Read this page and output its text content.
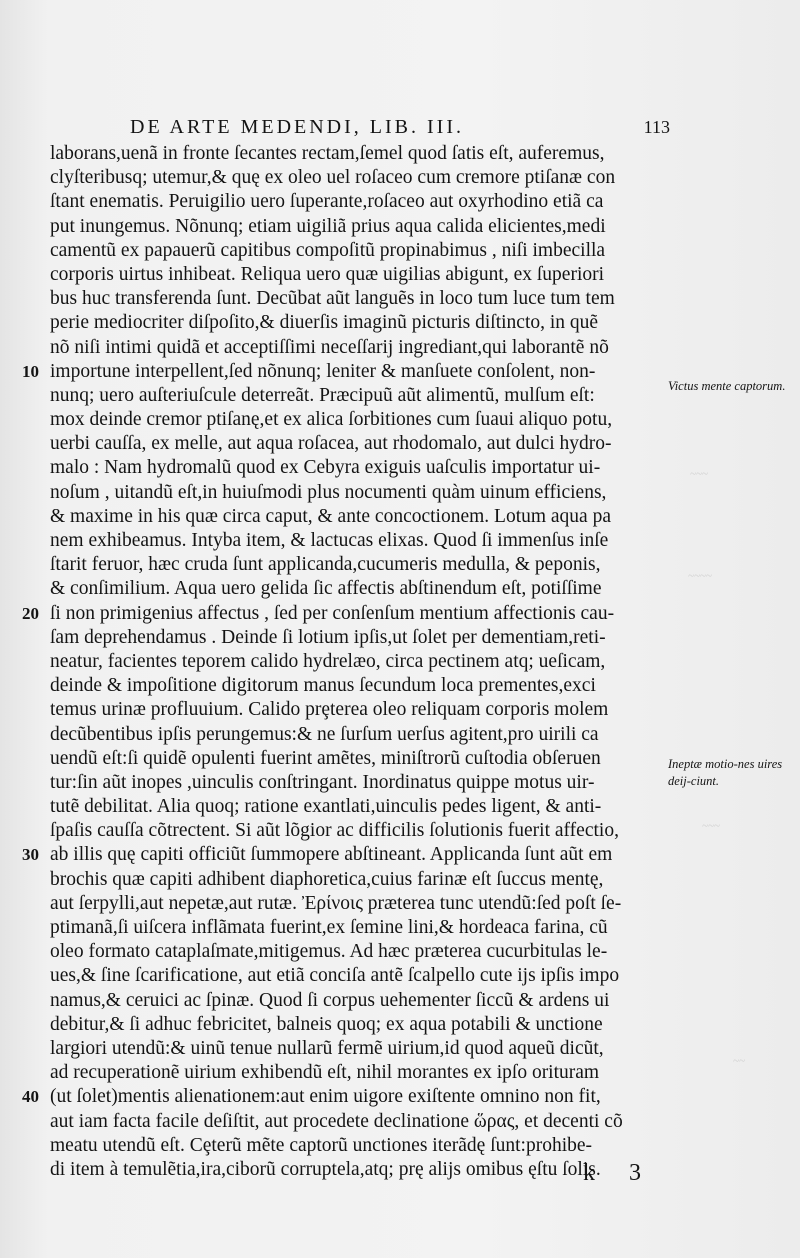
DE ARTE MEDENDI, LIB. III.	113
laborans,uenã in fronte ſecantes rectam,ſemel quod ſatis eſt, auferemus,
clyſteribusq; utemur,& quę ex oleo uel roſaceo cum cremore ptiſanæ con
ſtant enematis. Peruigilio uero ſuperante,roſaceo aut oxyrhodino etiã ca
put inungemus. Nõnunq; etiam uigiliã prius aqua calida elicientes,medi
camentũ ex papauerũ capitibus compoſitũ propinabimus , niſi imbecilla
corporis uirtus inhibeat. Reliqua uero quæ uigilias abigunt, ex ſuperiori
bus huc transferenda ſunt. Decũbat aũt languẽs in loco tum luce tum tem
perie mediocriter diſpoſito,& diuerſis imaginũ picturis diſtincto, in quẽ
nõ niſi intimi quidã et acceptiſſimi neceſſarij ingrediant,qui laborantẽ nõ
10 importune interpellent,ſed nõnunq; leniter & manſuete conſolent, non-
nunq; uero auſteriuſcule deterreãt. Præcipuũ aũt alimentũ, mulſum eſt:
mox deinde cremor ptiſanę,et ex alica ſorbitiones cum ſuaui aliquo potu,
uerbi cauſſa, ex melle, aut aqua roſacea, aut rhodomalo, aut dulci hydro-
malo : Nam hydromalũ quod ex Cebyra exiguis uaſculis importatur ui-
noſum , uitandũ eſt,in huiuſmodi plus nocumenti quàm uinum efficiens,
& maxime in his quæ circa caput, & ante concoctionem. Lotum aqua pa
nem exhibeamus. Intyba item, & lactucas elixas. Quod ſi immenſus inſe
ſtarit feruor, hæc cruda ſunt applicanda,cucumeris medulla, & peponis,
& conſimilium. Aqua uero gelida ſic affectis abſtinendum eſt, potiſſime
20 ſi non primigenius affectus , ſed per conſenſum mentium affectionis cau-
ſam deprehendamus . Deinde ſi lotium ipſis,ut ſolet per dementiam,reti-
neatur, facientes teporem calido hydrelæo, circa pectinem atq; ueſicam,
deinde & impoſitione digitorum manus ſecundum loca prementes,exci
temus urinæ profluuium. Calido prȩterea oleo reliquam corporis molem
decũbentibus ipſis perungemus:& ne ſurſum uerſus agitent,pro uirili ca
uendũ eſt:ſi quidẽ opulenti fuerint amẽtes, miniſtrorũ cuſtodia obſeruen
tur:ſin aũt inopes ,uinculis conſtringant. Inordinatus quippe motus uir-
tutẽ debilitat. Alia quoq; ratione exantlati,uinculis pedes ligent, & anti-
ſpaſis cauſſa cõtrectent. Si aũt lõgior ac difficilis ſolutionis fuerit affectio,
30 ab illis quę capiti officiũt ſummopere abſtineant. Applicanda ſunt aũt em
brochis quæ capiti adhibent diaphoretica,cuius farinæ eſt ſuccus mentę,
aut ſerpylli,aut nepetæ,aut rutæ. Ἐρίνοις præterea tunc utendũ:ſed poſt ſe-
ptimanã,ſi uiſcera inflãmata fuerint,ex ſemine lini,& hordeaca farina, cũ
oleo formato cataplaſmate,mitigemus. Ad hæc præterea cucurbitulas le-
ues,& ſine ſcarificatione, aut etiã conciſa antẽ ſcalpello cute ijs ipſis impo
namus,& ceruici ac ſpinæ. Quod ſi corpus uehementer ſiccũ & ardens ui
debitur,& ſi adhuc febricitet, balneis quoq; ex aqua potabili & unctione
largiori utendũ:& uinũ tenue nullarũ fermẽ uirium,id quod aqueũ dicũt,
ad recuperationẽ uirium exhibendũ eſt, nihil morantes ex ipſo orituram
40 (ut ſolet)mentis alienationem:aut enim uigore exiſtente omnino non fit,
aut iam facta facile deſiſtit, aut procedete declinatione ὥρας, et decenti cõ
meatu utendũ eſt. Cȩterũ mẽte captorũ unctiones iterãdę ſunt:prohibe-
di item à temulẽtia,ira,ciborũ corruptela,atq; prę alijs omibus ęſtu ſolis.
Victus mente captorum.
Ineptæ motio-nes uires deij-ciunt.
~~~
~~~~
~~~
~~
k 3
